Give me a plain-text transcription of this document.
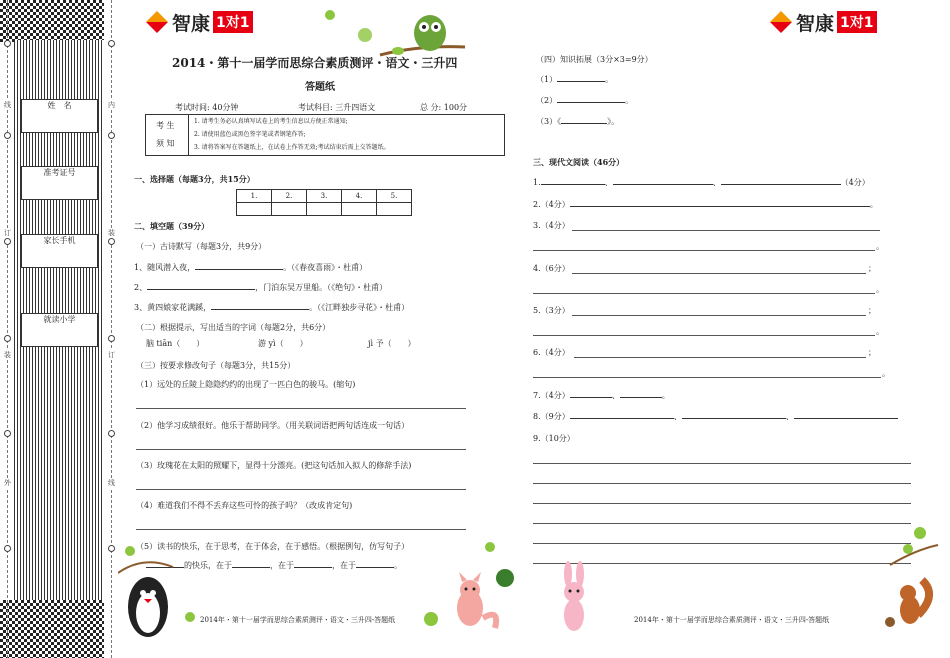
线
订
装
外
内
装
订
线
姓　名
准考证号
家长手机
就读小学
智康 1对1	智康 1对1
2014・第十一届学而思综合素质测评・语文・三升四
答题纸
考试时间: 40分钟	考试科目: 三升四语文	总 分: 100分
考 生
须 知
1. 请考生务必认真填写试卷上的考生信息以方便正常通知;
2. 请使用蓝色或黑色签字笔或者钢笔作答;
3. 请将答案写在答题纸上，在试卷上作答无效;考试结束后需上交答题纸。
一、选择题（每题3分，共15分）
1.	2.	3.	4.	5.

二、填空题（39分）
（一）古诗默写（每题3分，共9分）
1、随风潜入夜，	。（《春夜喜雨》・杜甫）
2、	，门泊东吴万里船。（《绝句》・杜甫）
3、黄四娘家花满蹊，	。（《江畔独步寻花》・杜甫）
（二）根据提示，写出适当的字词（每题2分，共6分）
脑 tiān（　　）	游 yì（　　）	jì 予（　　）
（三）按要求修改句子（每题3分，共15分）
（1）远处的丘陵上隐隐约约的出现了一匹白色的骏马。(缩句)
（2）他学习成绩很好。他乐于帮助同学。（用关联词语把两句话连成一句话）
（3）玫瑰花在太阳的照耀下，显得十分漂亮。(把这句话加入拟人的修辞手法)
（4）难道我们不得不丢弃这些可怜的孩子吗？（改成肯定句)
（5）读书的快乐，在于思考，在于体会，在于感悟。（根据例句，仿写句子）
的快乐，在于	，在于	，在于	。
（四）知识拓展（3分×3=9分）
（1）	。
（2）	。
（3）《	》。
三、现代文阅读（46分）
1.	、	、	（4分）
2.（4分）	。
3.（4分）
。
4.（6分）	；
。
5.（3分）	；
。
6.（4分）	；
。
7.（4分）	、	。
8.（9分）	、	、
9.（10分）
2014年・第十一届学而思综合素质测评・语文・三升四-答题纸	2014年・第十一届学而思综合素质测评・语文・三升四-答题纸
